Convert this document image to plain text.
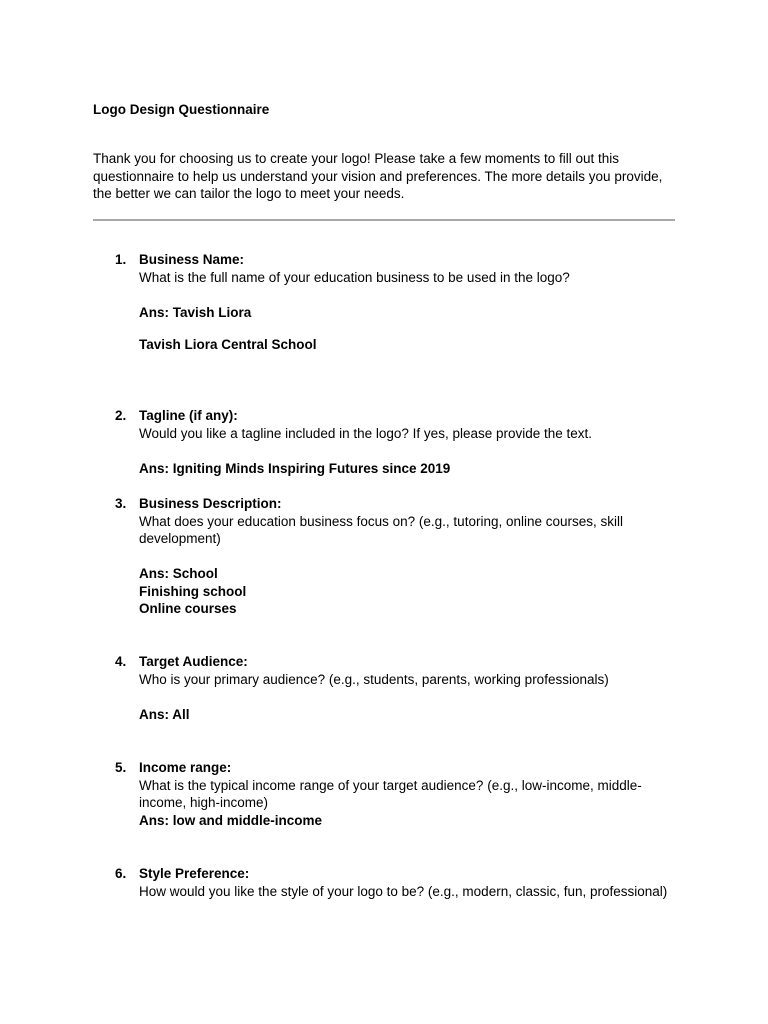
Logo Design Questionnaire

Thank you for choosing us to create your logo! Please take a few moments to fill out this questionnaire to help us understand your vision and preferences. The more details you provide, the better we can tailor the logo to meet your needs.

1. Business Name:
What is the full name of your education business to be used in the logo?
Ans: Tavish Liora
Tavish Liora Central School
2. Tagline (if any):
Would you like a tagline included in the logo? If yes, please provide the text.
Ans: Igniting Minds Inspiring Futures since 2019
3. Business Description:
What does your education business focus on? (e.g., tutoring, online courses, skill development)
Ans: School
Finishing school
Online courses
4. Target Audience:
Who is your primary audience? (e.g., students, parents, working professionals)
Ans: All
5. Income range:
What is the typical income range of your target audience? (e.g., low-income, middle-income, high-income)
Ans: low and middle-income
6. Style Preference:
How would you like the style of your logo to be? (e.g., modern, classic, fun, professional)
